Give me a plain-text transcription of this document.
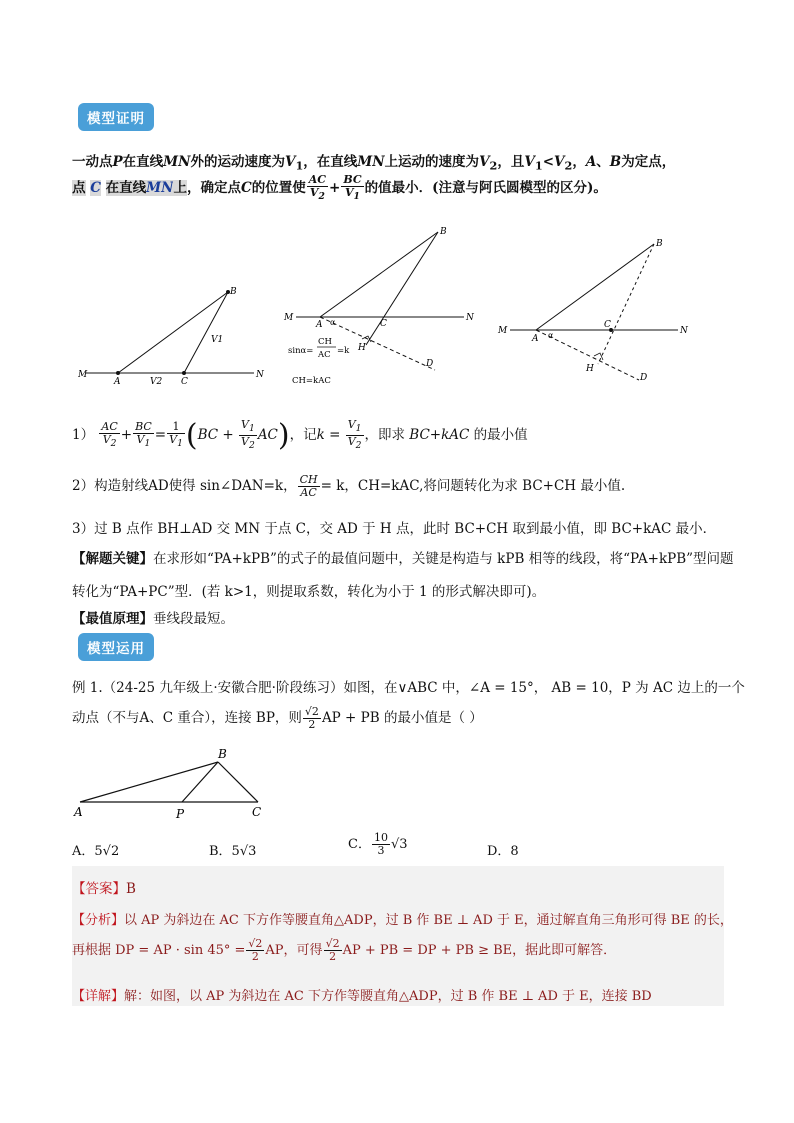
模型证明
一动点P在直线MN外的运动速度为$V_1$，在直线MN上运动的速度为$V_2$，且$V_1<V_2$，A、B为定点，
点 C 在直线MN上，确定点C的位置使 $\frac{AC}{V_2} + \frac{BC}{V_1}$ 的值最小．(注意与阿氏圆模型的区分)。
B
M
A	V2 C
N
V1
B
M
A α	C
N
H
D
sinα=
CH
AC =k
CH=kAC
B
M
A α
C
N
H
D
$1) \frac{AC}{V_2} + \frac{BC}{V_1} = \frac{1}{V_1} (BC + \frac{V_1}{V_2} AC)$，记$k = \frac{V_1}{V_2}$ ，即求 BC+kAC 的最小值
2）构造射线AD使得 sin∠DAN=k， $\frac{CH}{AC} = k$，CH=kAC,将问题转化为求 BC+CH 最小值.
3）过 B 点作 BH⊥AD 交 MN 于点 C，交 AD 于 H 点，此时 BC+CH 取到最小值，即 BC+kAC 最小．
【解题关键】在求形如“PA+kPB”的式子的最值问题中，关键是构造与 kPB 相等的线段，将“PA+kPB”型问题
转化为“PA+PC”型．(若 k>1，则提取系数，转化为小于 1 的形式解决即可)。
【最值原理】垂线段最短。
模型运用
例 1.（24-25 九年级上·安徽合肥·阶段练习）如图，在∨ABC 中，∠A = 15°， AB = 10，P 为 AC 边上的一个
动点（不与A、C 重合），连接 BP，则 $\frac{√2}{2}$ AP + PB 的最小值是（ ）
A
B
C
P
A．5√2	B．5√3	C． $\frac{10}{3} √3$	D．8
【答案】B
【分析】以 AP 为斜边在 AC 下方作等腰直角△ADP，过 B 作 BE ⊥ AD 于 E，通过解直角三角形可得 BE 的长，
再根据 DP = AP · $\sin 45^\circ = \frac{√2}{2}$ AP，可得 $\frac{√2}{2}$ AP + PB = DP + PB ≥ BE，据此即可解答．
【详解】解：如图，以 AP 为斜边在 AC 下方作等腰直角△ADP，过 B 作 BE ⊥ AD 于 E，连接 BD
